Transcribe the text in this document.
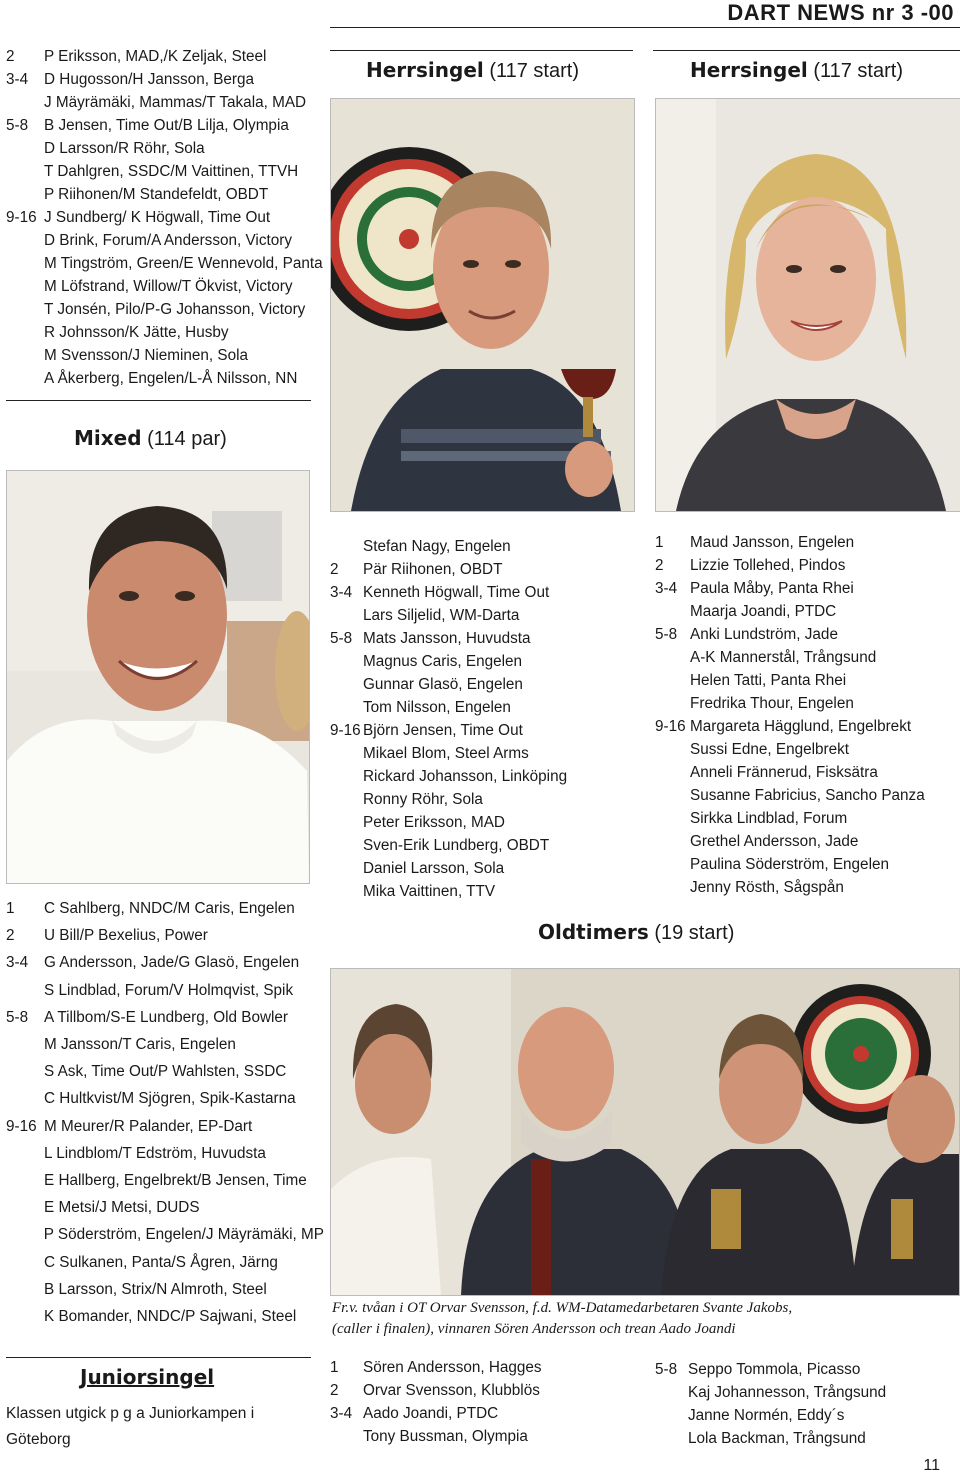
DART NEWS nr 3 -00
2	P Eriksson, MAD,/K Zeljak, Steel
3-4	D Hugosson/H Jansson, Berga
J Mäyrämäki, Mammas/T Takala, MAD
5-8	B Jensen, Time Out/B Lilja, Olympia
D Larsson/R Röhr, Sola
T Dahlgren, SSDC/M Vaittinen, TTVH
P Riihonen/M Standefeldt, OBDT
9-16 J Sundberg/ K Högwall, Time Out
D Brink, Forum/A Andersson, Victory
M Tingström, Green/E Wennevold, Panta
M Löfstrand, Willow/T Ökvist, Victory
T Jonsén, Pilo/P-G Johansson, Victory
R Johnsson/K Jätte, Husby
M Svensson/J Nieminen, Sola
A Åkerberg, Engelen/L-Å Nilsson, NN
Mixed (114 par)
1	C Sahlberg, NNDC/M Caris, Engelen
2	U Bill/P Bexelius, Power
3-4	G Andersson, Jade/G Glasö, Engelen
S Lindblad, Forum/V Holmqvist, Spik
5-8	A Tillbom/S-E Lundberg, Old Bowler
M Jansson/T Caris, Engelen
S Ask, Time Out/P Wahlsten, SSDC
C Hultkvist/M Sjögren, Spik-Kastarna
9-16 M Meurer/R Palander, EP-Dart
L Lindblom/T Edström, Huvudsta
E Hallberg, Engelbrekt/B Jensen, Time
E Metsi/J Metsi, DUDS
P Söderström, Engelen/J Mäyrämäki, MP
C Sulkanen, Panta/S Ågren, Järng
B Larsson, Strix/N Almroth, Steel
K Bomander, NNDC/P Sajwani, Steel
Juniorsingel
Klassen utgick p g a Juniorkampen i
Göteborg
Herrsingel (117 start)	Herrsingel (117 start)
Stefan Nagy, Engelen
2	Pär Riihonen, OBDT
3-4 Kenneth Högwall, Time Out
Lars Siljelid, WM-Darta
5-8 Mats Jansson, Huvudsta
Magnus Caris, Engelen
Gunnar Glasö, Engelen
Tom Nilsson, Engelen
9-16 Björn Jensen, Time Out
Mikael Blom, Steel Arms
Rickard Johansson, Linköping
Ronny Röhr, Sola
Peter Eriksson, MAD
Sven-Erik Lundberg, OBDT
Daniel Larsson, Sola
Mika Vaittinen, TTV
1	Maud Jansson, Engelen
2	Lizzie Tollehed, Pindos
3-4 Paula Måby, Panta Rhei
Maarja Joandi, PTDC
5-8 Anki Lundström, Jade
A-K Mannerstål, Trångsund
Helen Tatti, Panta Rhei
Fredrika Thour, Engelen
9-16 Margareta Hägglund, Engelbrekt
Sussi Edne, Engelbrekt
Anneli Frännerud, Fisksätra
Susanne Fabricius, Sancho Panza
Sirkka Lindblad, Forum
Grethel Andersson, Jade
Paulina Söderström, Engelen
Jenny Rösth, Sågspån
Oldtimers (19 start)
Fr.v. tvåan i OT Orvar Svensson, f.d. WM-Datamedarbetaren Svante Jakobs,
(caller i finalen), vinnaren Sören Andersson och trean Aado Joandi
1	Sören Andersson, Hagges
2	Orvar Svensson, Klubblös
3-4 Aado Joandi, PTDC
Tony Bussman, Olympia
5-8 Seppo Tommola, Picasso
Kaj Johannesson, Trångsund
Janne Normén, Eddy´s
Lola Backman, Trångsund
11
